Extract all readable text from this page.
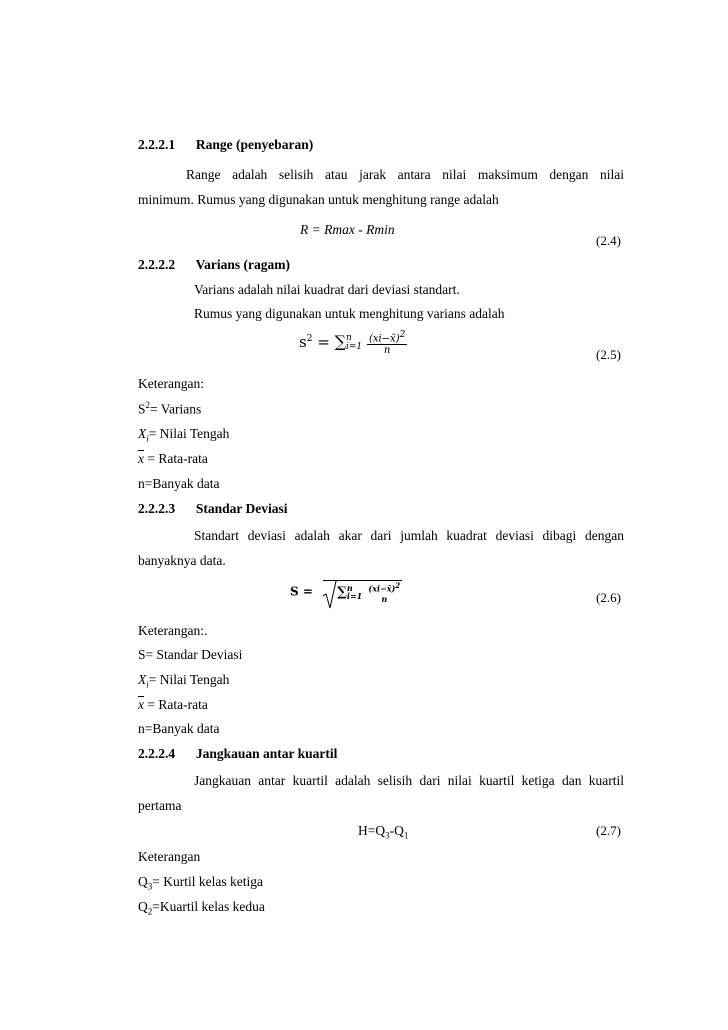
2.2.2.1 Range (penyebaran)
Range adalah selisih atau jarak antara nilai maksimum dengan nilai
minimum. Rumus yang digunakan untuk menghitung range adalah
R = Rmax - Rmin
(2.4)
2.2.2.2 Varians (ragam)
Varians adalah nilai kuadrat dari deviasi standart.
Rumus yang digunakan untuk menghitung varians adalah
$s^2$ = ∑ n
i=1
$\frac{(xi-x̄)^2}{n}$	(2.5)
Keterangan:
$S^2=$ Varians
$X_i=$ Nilai Tengah
$\overline{x}$ = Rata-rata
n=Banyak data
2.2.2.3 Standar Deviasi
Standart deviasi adalah akar dari jumlah kuadrat deviasi dibagi dengan
banyaknya data.
S = ∑ n
i=1

(xi−x̄)$^2$
n	(2.6)
Keterangan:.
S= Standar Deviasi
$X_i=$ Nilai Tengah
$\overline{x}$ = Rata-rata
n=Banyak data
2.2.2.4 Jangkauan antar kuartil
Jangkauan antar kuartil adalah selisih dari nilai kuartil ketiga dan kuartil
pertama
$H=Q_3-Q_1$	(2.7)
Keterangan
$Q_3=$ Kurtil kelas ketiga
$Q_2=Kuartil$ kelas kedua
